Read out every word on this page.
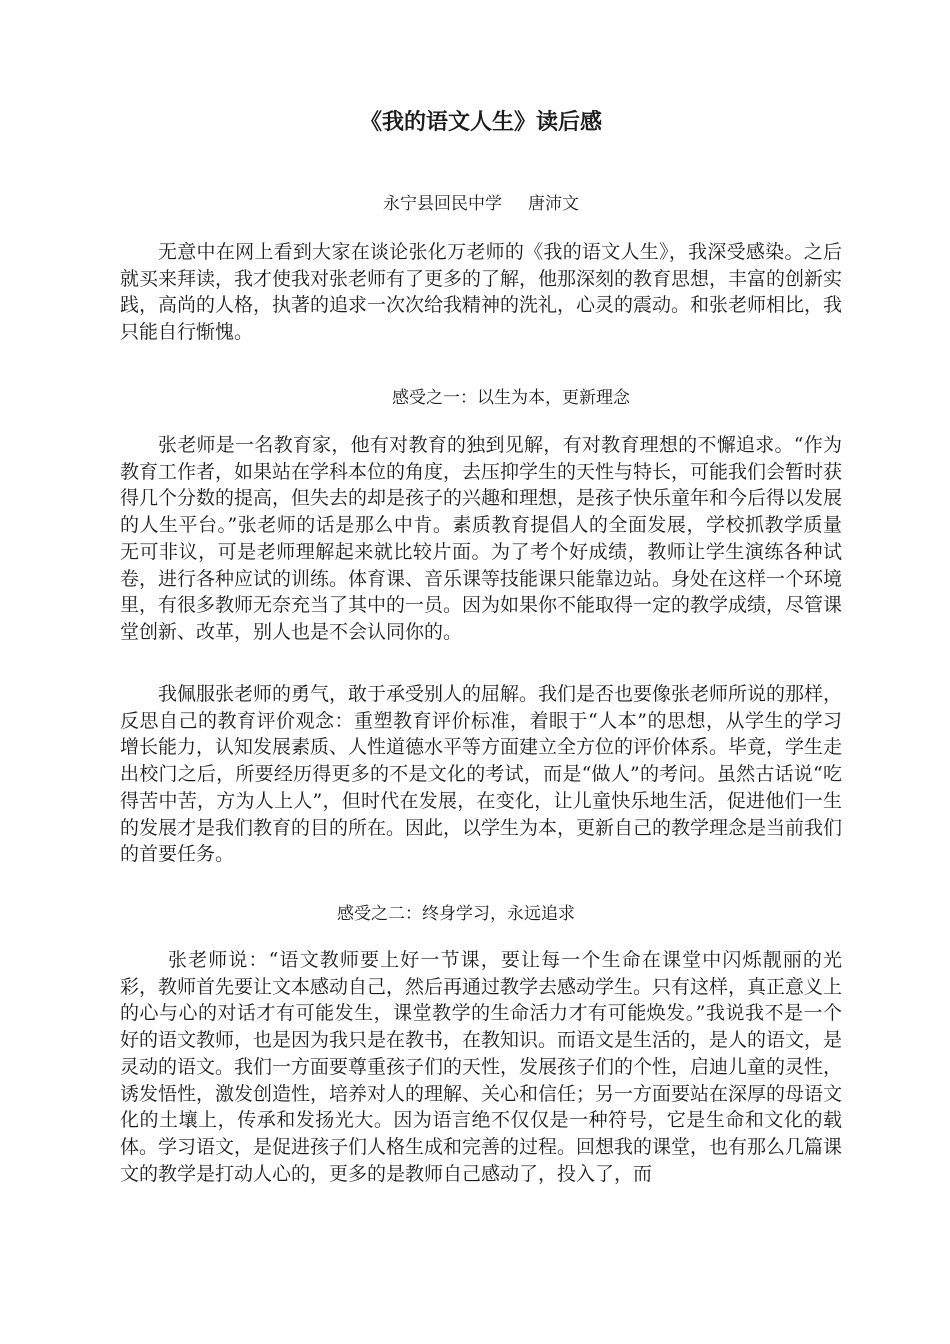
《我的语文人生》读后感
永宁县回民中学 唐沛文

无意中在网上看到大家在谈论张化万老师的《我的语文人生》，我深受感染。之后就买来拜读，我才使我对张老师有了更多的了解，他那深刻的教育思想，丰富的创新实践，高尚的人格，执著的追求一次次给我精神的洗礼，心灵的震动。和张老师相比，我只能自行惭愧。

感受之一：以生为本，更新理念

张老师是一名教育家，他有对教育的独到见解，有对教育理想的不懈追求。“作为教育工作者，如果站在学科本位的角度，去压抑学生的天性与特长，可能我们会暂时获得几个分数的提高，但失去的却是孩子的兴趣和理想，是孩子快乐童年和今后得以发展的人生平台。”张老师的话是那么中肯。素质教育提倡人的全面发展，学校抓教学质量无可非议，可是老师理解起来就比较片面。为了考个好成绩，教师让学生演练各种试卷，进行各种应试的训练。体育课、音乐课等技能课只能靠边站。身处在这样一个环境里，有很多教师无奈充当了其中的一员。因为如果你不能取得一定的教学成绩，尽管课堂创新、改革，别人也是不会认同你的。

我佩服张老师的勇气，敢于承受别人的屈解。我们是否也要像张老师所说的那样，反思自己的教育评价观念：重塑教育评价标准，着眼于“人本”的思想，从学生的学习增长能力，认知发展素质、人性道德水平等方面建立全方位的评价体系。毕竟，学生走出校门之后，所要经历得更多的不是文化的考试，而是“做人”的考问。虽然古话说“吃得苦中苦，方为人上人”，但时代在发展，在变化，让儿童快乐地生活，促进他们一生的发展才是我们教育的目的所在。因此，以学生为本，更新自己的教学理念是当前我们的首要任务。

感受之二：终身学习，永远追求

张老师说：“语文教师要上好一节课，要让每一个生命在课堂中闪烁靓丽的光彩，教师首先要让文本感动自己，然后再通过教学去感动学生。只有这样，真正意义上的心与心的对话才有可能发生，课堂教学的生命活力才有可能焕发。”我说我不是一个好的语文教师，也是因为我只是在教书，在教知识。而语文是生活的，是人的语文，是灵动的语文。我们一方面要尊重孩子们的天性，发展孩子们的个性，启迪儿童的灵性，诱发悟性，激发创造性，培养对人的理解、关心和信任；另一方面要站在深厚的母语文化的土壤上，传承和发扬光大。因为语言绝不仅仅是一种符号，它是生命和文化的载体。学习语文，是促进孩子们人格生成和完善的过程。回想我的课堂，也有那么几篇课文的教学是打动人心的，更多的是教师自己感动了，投入了，而
